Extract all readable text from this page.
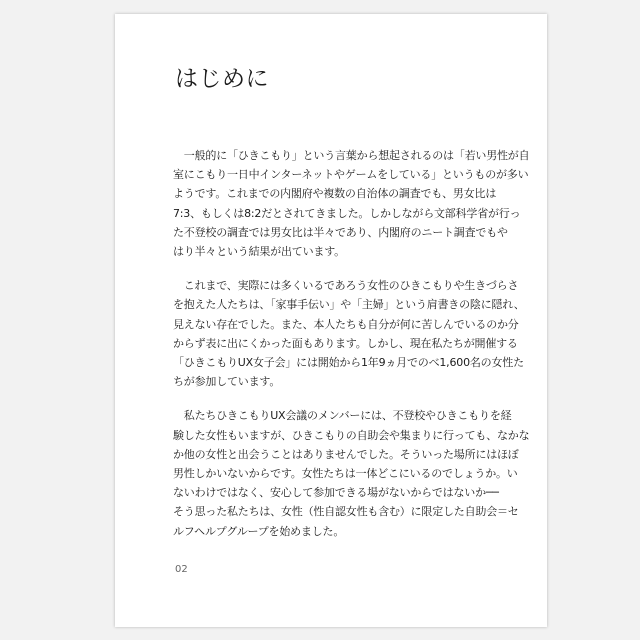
はじめに

　一般的に「ひきこもり」という言葉から想起されるのは「若い男性が自
室にこもり一日中インターネットやゲームをしている」というものが多い
ようです。これまでの内閣府や複数の自治体の調査でも、男女比は
7:3、もしくは8:2だとされてきました。しかしながら文部科学省が行っ
た不登校の調査では男女比は半々であり、内閣府のニート調査でもや
はり半々という結果が出ています。

　これまで、実際には多くいるであろう女性のひきこもりや生きづらさ
を抱えた人たちは、「家事手伝い」や「主婦」という肩書きの陰に隠れ、
見えない存在でした。また、本人たちも自分が何に苦しんでいるのか分
からず表に出にくかった面もあります。しかし、現在私たちが開催する
「ひきこもりUX女子会」には開始から1年9ヵ月でのべ1,600名の女性た
ちが参加しています。

　私たちひきこもりUX会議のメンバーには、不登校やひきこもりを経
験した女性もいますが、ひきこもりの自助会や集まりに行っても、なかな
か他の女性と出会うことはありませんでした。そういった場所にはほぼ
男性しかいないからです。女性たちは一体どこにいるのでしょうか。い
ないわけではなく、安心して参加できる場がないからではないか──
そう思った私たちは、女性（性自認女性も含む）に限定した自助会＝セ
ルフヘルプグループを始めました。

02
